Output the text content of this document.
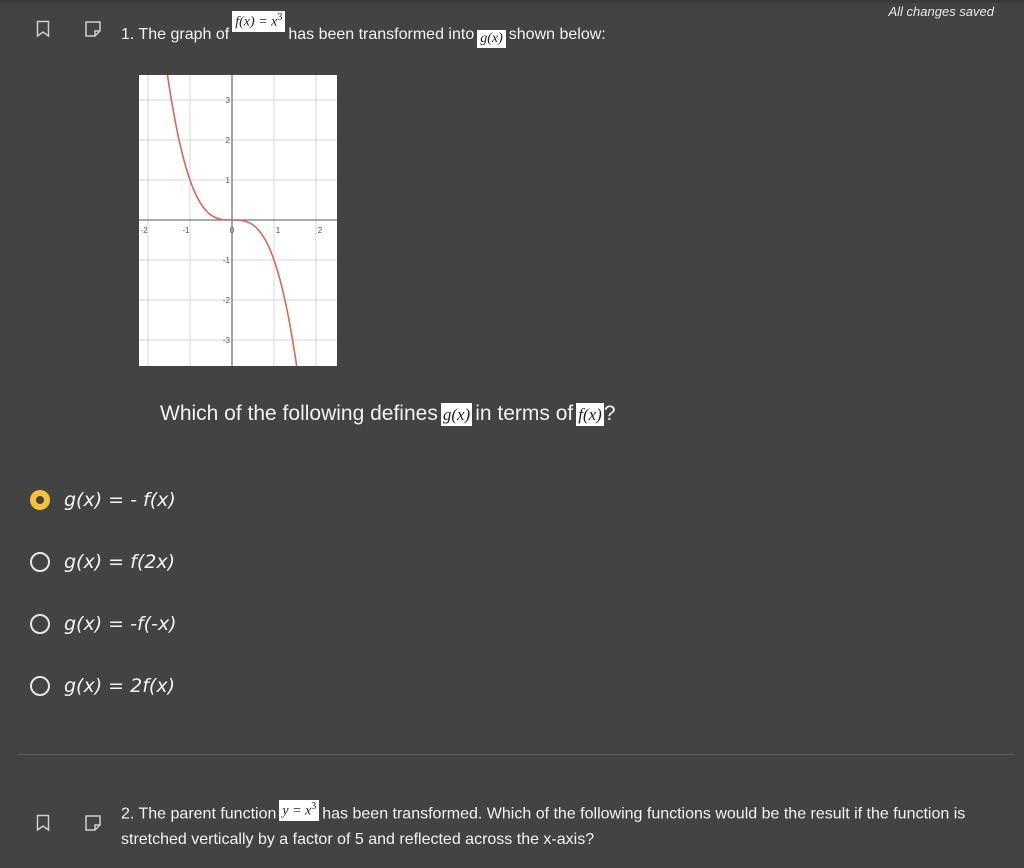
All changes saved
1. The graph of
$f(x) = x^3$
has been transformed into g(x) shown below:
-2	-1	0	1	2
3
2
1
-1
-2
-3
Which of the following defines g(x) in terms of f(x) ?
g(x) = - f(x)
g(x) = f(2x)
g(x) = -f(-x)
g(x) = 2f(x)
2. The parent function $y = x^3$ has been transformed. Which of the following functions would be the result if the function is stretched vertically by a factor of 5 and reflected across the x-axis?
